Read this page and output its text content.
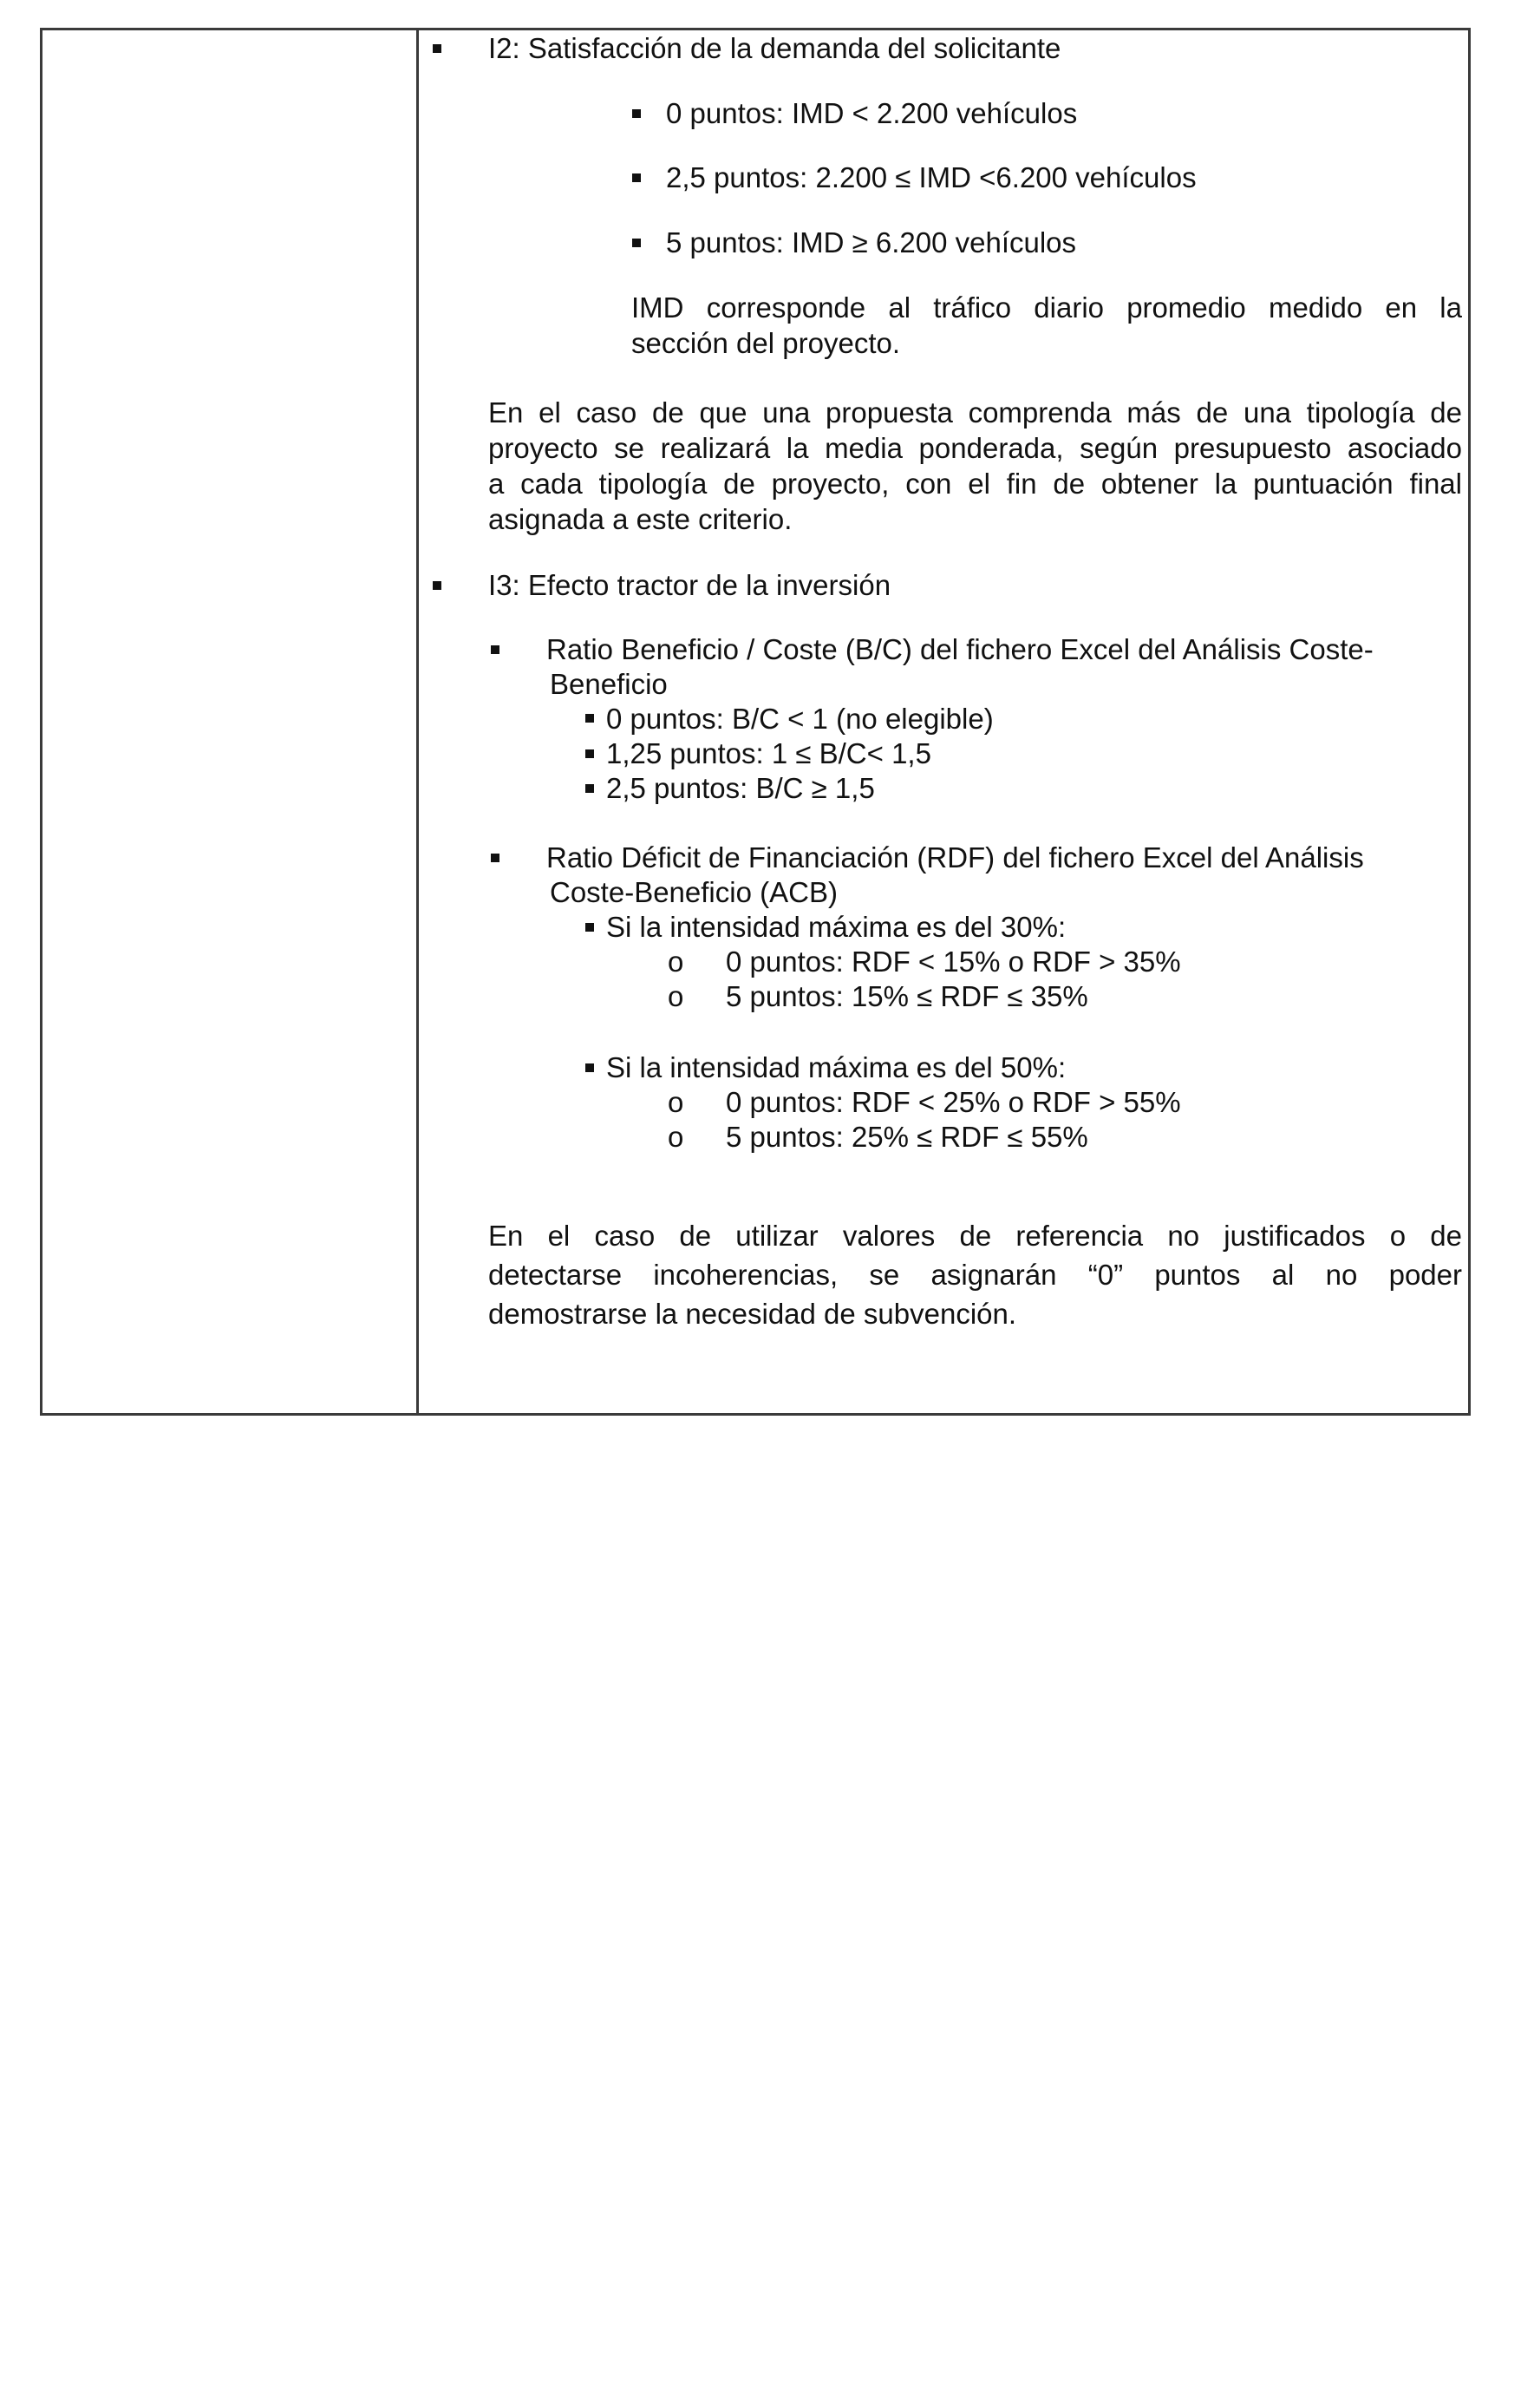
I2: Satisfacción de la demanda del solicitante

0 puntos: IMD < 2.200 vehículos

2,5 puntos: 2.200 ≤ IMD <6.200 vehículos

5 puntos: IMD ≥ 6.200 vehículos

IMD corresponde al tráfico diario promedio medido en la
sección del proyecto.
En el caso de que una propuesta comprenda más de una tipología de
proyecto se realizará la media ponderada, según presupuesto asociado
a cada tipología de proyecto, con el fin de obtener la puntuación final
asignada a este criterio.

I3: Efecto tractor de la inversión

Ratio Beneficio / Coste (B/C) del fichero Excel del Análisis Coste-

Beneficio

0 puntos: B/C < 1 (no elegible)

1,25 puntos: 1 ≤ B/C< 1,5

2,5 puntos: B/C ≥ 1,5

Ratio Déficit de Financiación (RDF) del fichero Excel del Análisis

Coste-Beneficio (ACB)

Si la intensidad máxima es del 30%:

o 0 puntos: RDF < 15% o RDF > 35%

o 5 puntos: 15% ≤ RDF ≤ 35%

Si la intensidad máxima es del 50%:

o 0 puntos: RDF < 25% o RDF > 55%

o 5 puntos: 25% ≤ RDF ≤ 55%

En el caso de utilizar valores de referencia no justificados o de
detectarse incoherencias, se asignarán “0” puntos al no poder
demostrarse la necesidad de subvención.
